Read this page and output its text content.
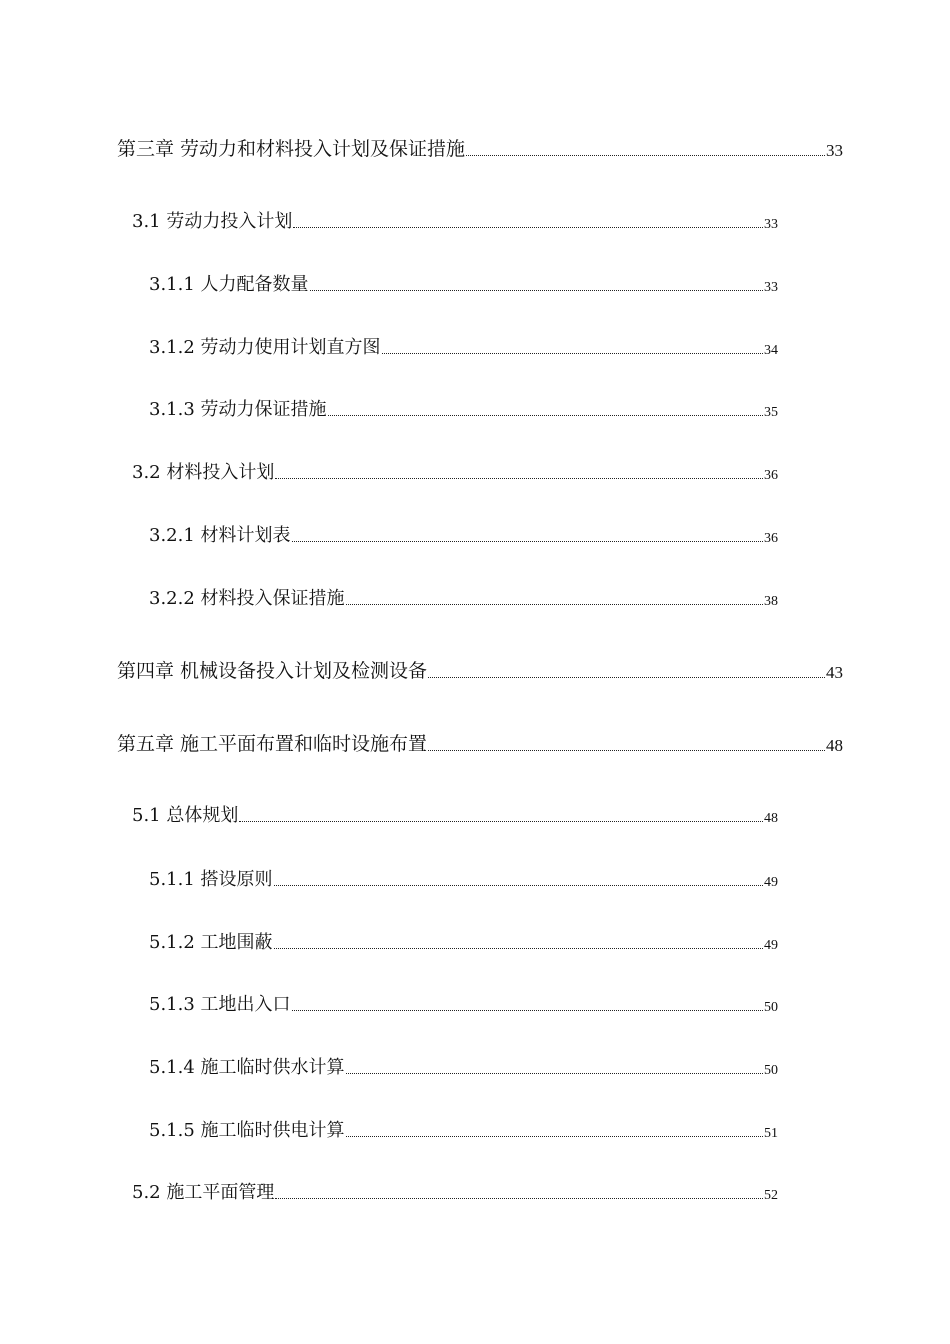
第三章 劳动力和材料投入计划及保证措施	33
3.1 劳动力投入计划	33
3.1.1 人力配备数量	33
3.1.2 劳动力使用计划直方图	34
3.1.3 劳动力保证措施	35
3.2 材料投入计划	36
3.2.1 材料计划表	36
3.2.2 材料投入保证措施	38
第四章 机械设备投入计划及检测设备	43
第五章 施工平面布置和临时设施布置	48
5.1 总体规划	48
5.1.1 搭设原则	49
5.1.2 工地围蔽	49
5.1.3 工地出入口	50
5.1.4 施工临时供水计算	50
5.1.5 施工临时供电计算	51
5.2 施工平面管理	52
